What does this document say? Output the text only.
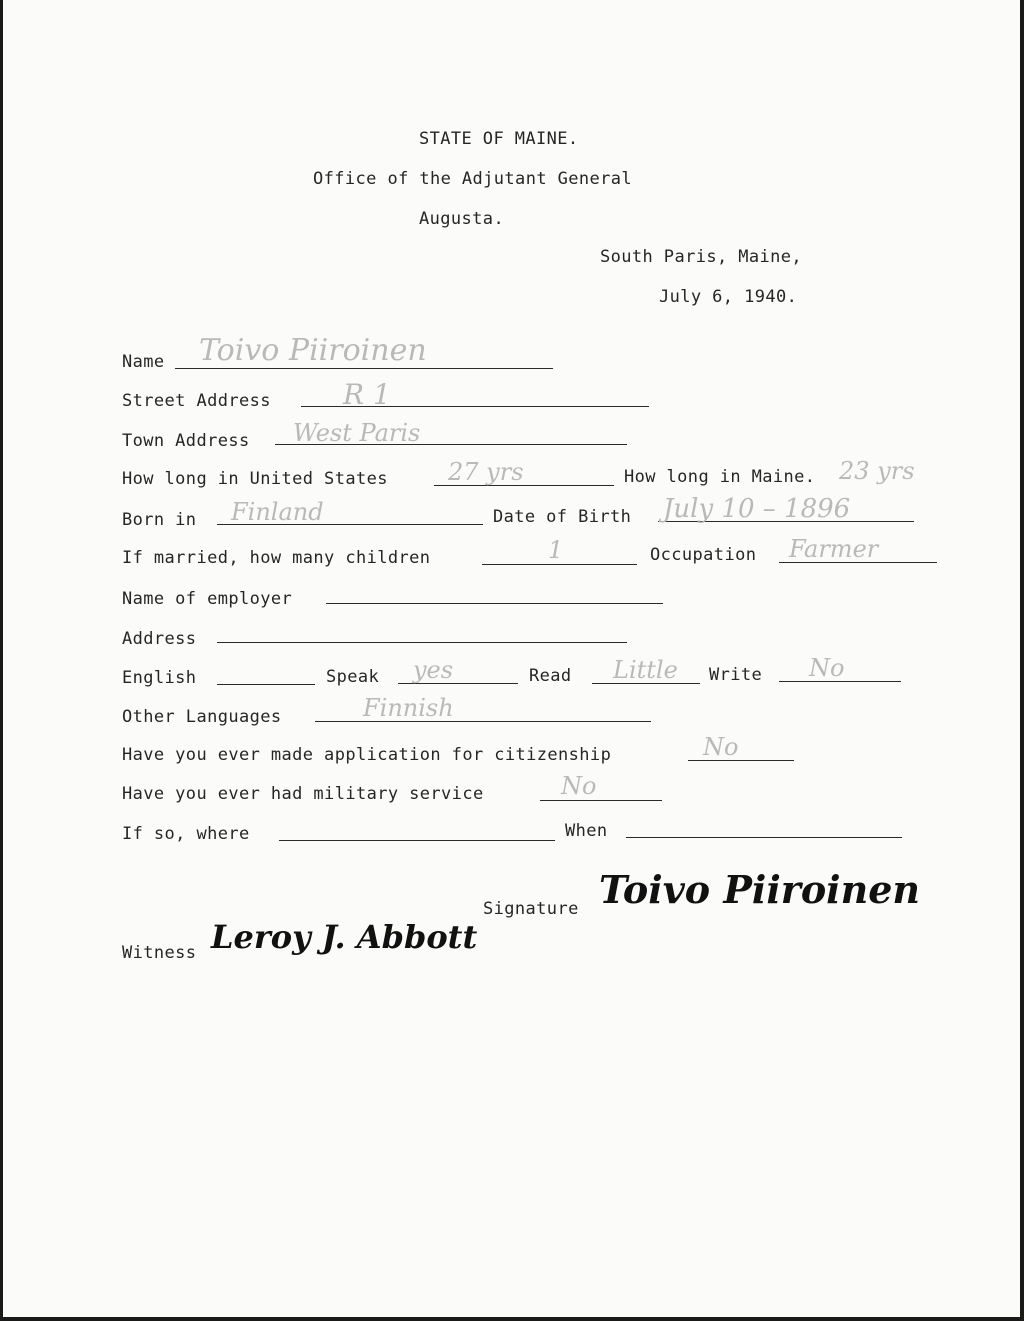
STATE OF MAINE.
Office of the Adjutant General
Augusta.
South Paris, Maine,
July 6, 1940.
Name Toivo Piiroinen
Street Address	R 1
Town Address West Paris
How long in United States	27 yrs	How long in Maine. 23 yrs
Born in Finland	Date of Birth July 10 – 1896
If married, how many children	1	Occupation Farmer
Name of employer
Address
English	Speak yes	Read Little Write No
Other Languages	Finnish
Have you ever made application for citizenship	No
Have you ever had military service	No
If so, where	When
Signature Toivo Piiroinen
Witness Leroy J. Abbott
